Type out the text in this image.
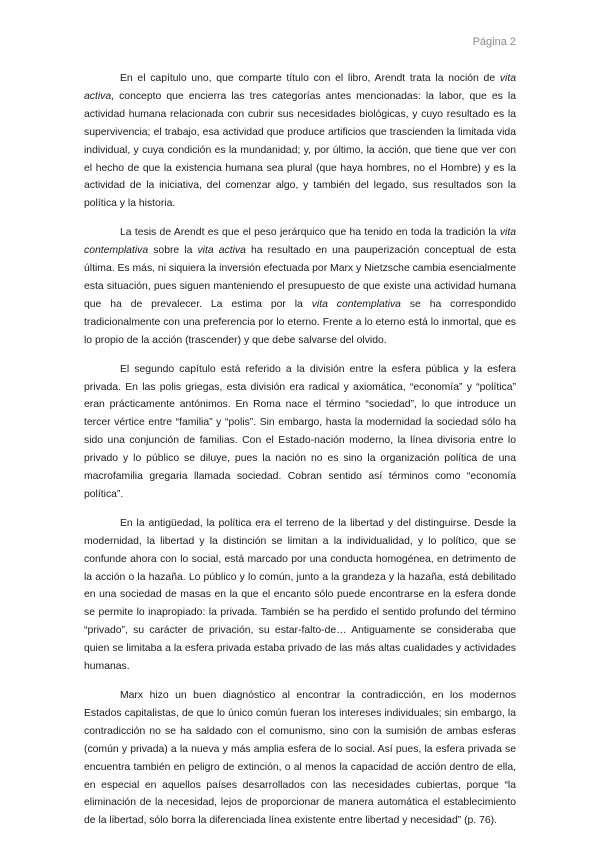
Página 2

En el capítulo uno, que comparte título con el libro, Arendt trata la noción de vita activa, concepto que encierra las tres categorías antes mencionadas: la labor, que es la actividad humana relacionada con cubrir sus necesidades biológicas, y cuyo resultado es la supervivencia; el trabajo, esa actividad que produce artificios que trascienden la limitada vida individual, y cuya condición es la mundanidad; y, por último, la acción, que tiene que ver con el hecho de que la existencia humana sea plural (que haya hombres, no el Hombre) y es la actividad de la iniciativa, del comenzar algo, y también del legado, sus resultados son la política y la historia.

La tesis de Arendt es que el peso jerárquico que ha tenido en toda la tradición la vita contemplativa sobre la vita activa ha resultado en una pauperización conceptual de esta última. Es más, ni siquiera la inversión efectuada por Marx y Nietzsche cambia esencialmente esta situación, pues siguen manteniendo el presupuesto de que existe una actividad humana que ha de prevalecer. La estima por la vita contemplativa se ha correspondido tradicionalmente con una preferencia por lo eterno. Frente a lo eterno está lo inmortal, que es lo propio de la acción (trascender) y que debe salvarse del olvido.

El segundo capítulo está referido a la división entre la esfera pública y la esfera privada. En las polis griegas, esta división era radical y axiomática, “economía” y “política” eran prácticamente antónimos. En Roma nace el término “sociedad”, lo que introduce un tercer vértice entre “familia” y “polis”. Sin embargo, hasta la modernidad la sociedad sólo ha sido una conjunción de familias. Con el Estado-nación moderno, la línea divisoria entre lo privado y lo público se diluye, pues la nación no es sino la organización política de una macrofamilia gregaria llamada sociedad. Cobran sentido así términos como “economía política”.

En la antigüedad, la política era el terreno de la libertad y del distinguirse. Desde la modernidad, la libertad y la distinción se limitan a la individualidad, y lo político, que se confunde ahora con lo social, está marcado por una conducta homogénea, en detrimento de la acción o la hazaña. Lo público y lo común, junto a la grandeza y la hazaña, está debilitado en una sociedad de masas en la que el encanto sólo puede encontrarse en la esfera donde se permite lo inapropiado: la privada. También se ha perdido el sentido profundo del término “privado”, su carácter de privación, su estar-falto-de… Antiguamente se consideraba que quien se limitaba a la esfera privada estaba privado de las más altas cualidades y actividades humanas.

Marx hizo un buen diagnóstico al encontrar la contradicción, en los modernos Estados capitalistas, de que lo único común fueran los intereses individuales; sin embargo, la contradicción no se ha saldado con el comunismo, sino con la sumisión de ambas esferas (común y privada) a la nueva y más amplia esfera de lo social. Así pues, la esfera privada se encuentra también en peligro de extinción, o al menos la capacidad de acción dentro de ella, en especial en aquellos países desarrollados con las necesidades cubiertas, porque “la eliminación de la necesidad, lejos de proporcionar de manera automática el establecimiento de la libertad, sólo borra la diferenciada línea existente entre libertad y necesidad” (p. 76).
